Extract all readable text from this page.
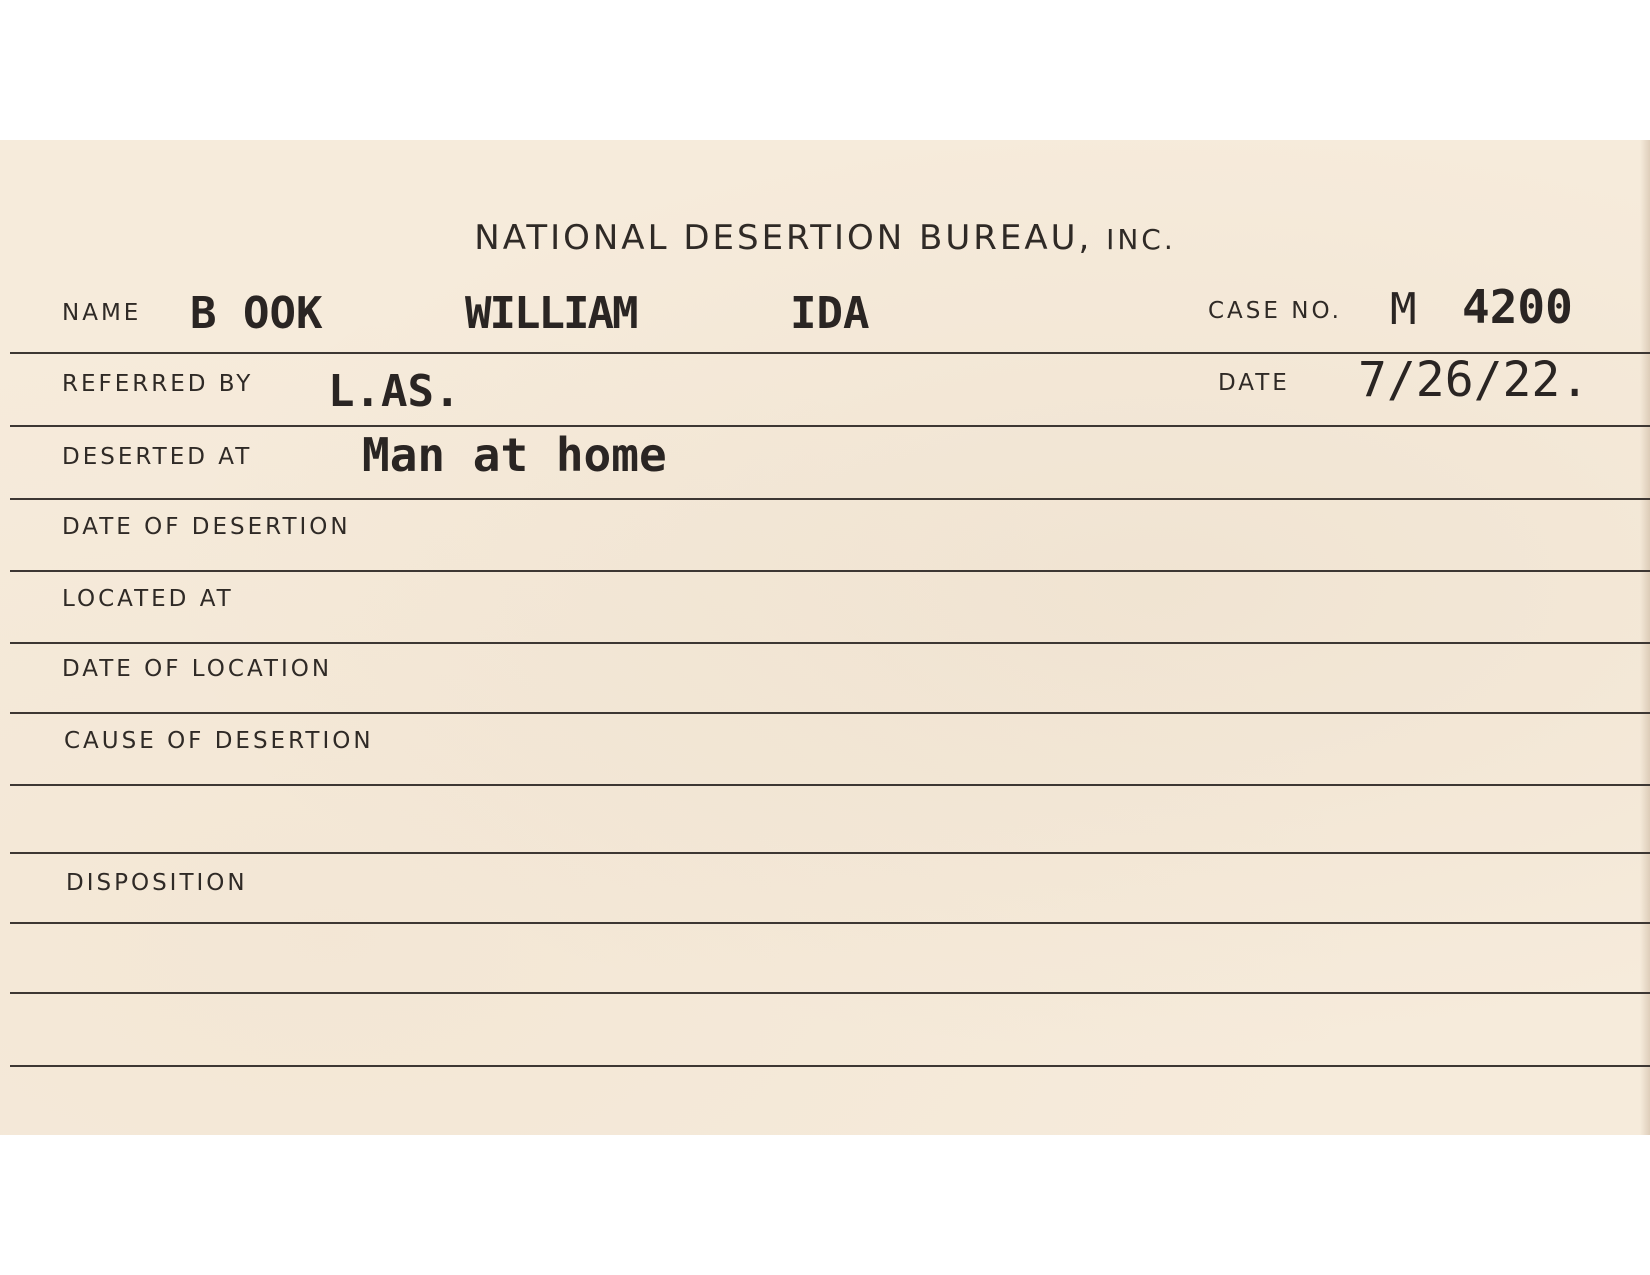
NATIONAL DESERTION BUREAU, INC.
NAME B OOK	WILLIAM	IDA	CASE NO. M 4200
REFERRED BY L.AS.	DATE 7/26/22.
DESERTED AT Man at home
DATE OF DESERTION
LOCATED AT
DATE OF LOCATION
CAUSE OF DESERTION
DISPOSITION
